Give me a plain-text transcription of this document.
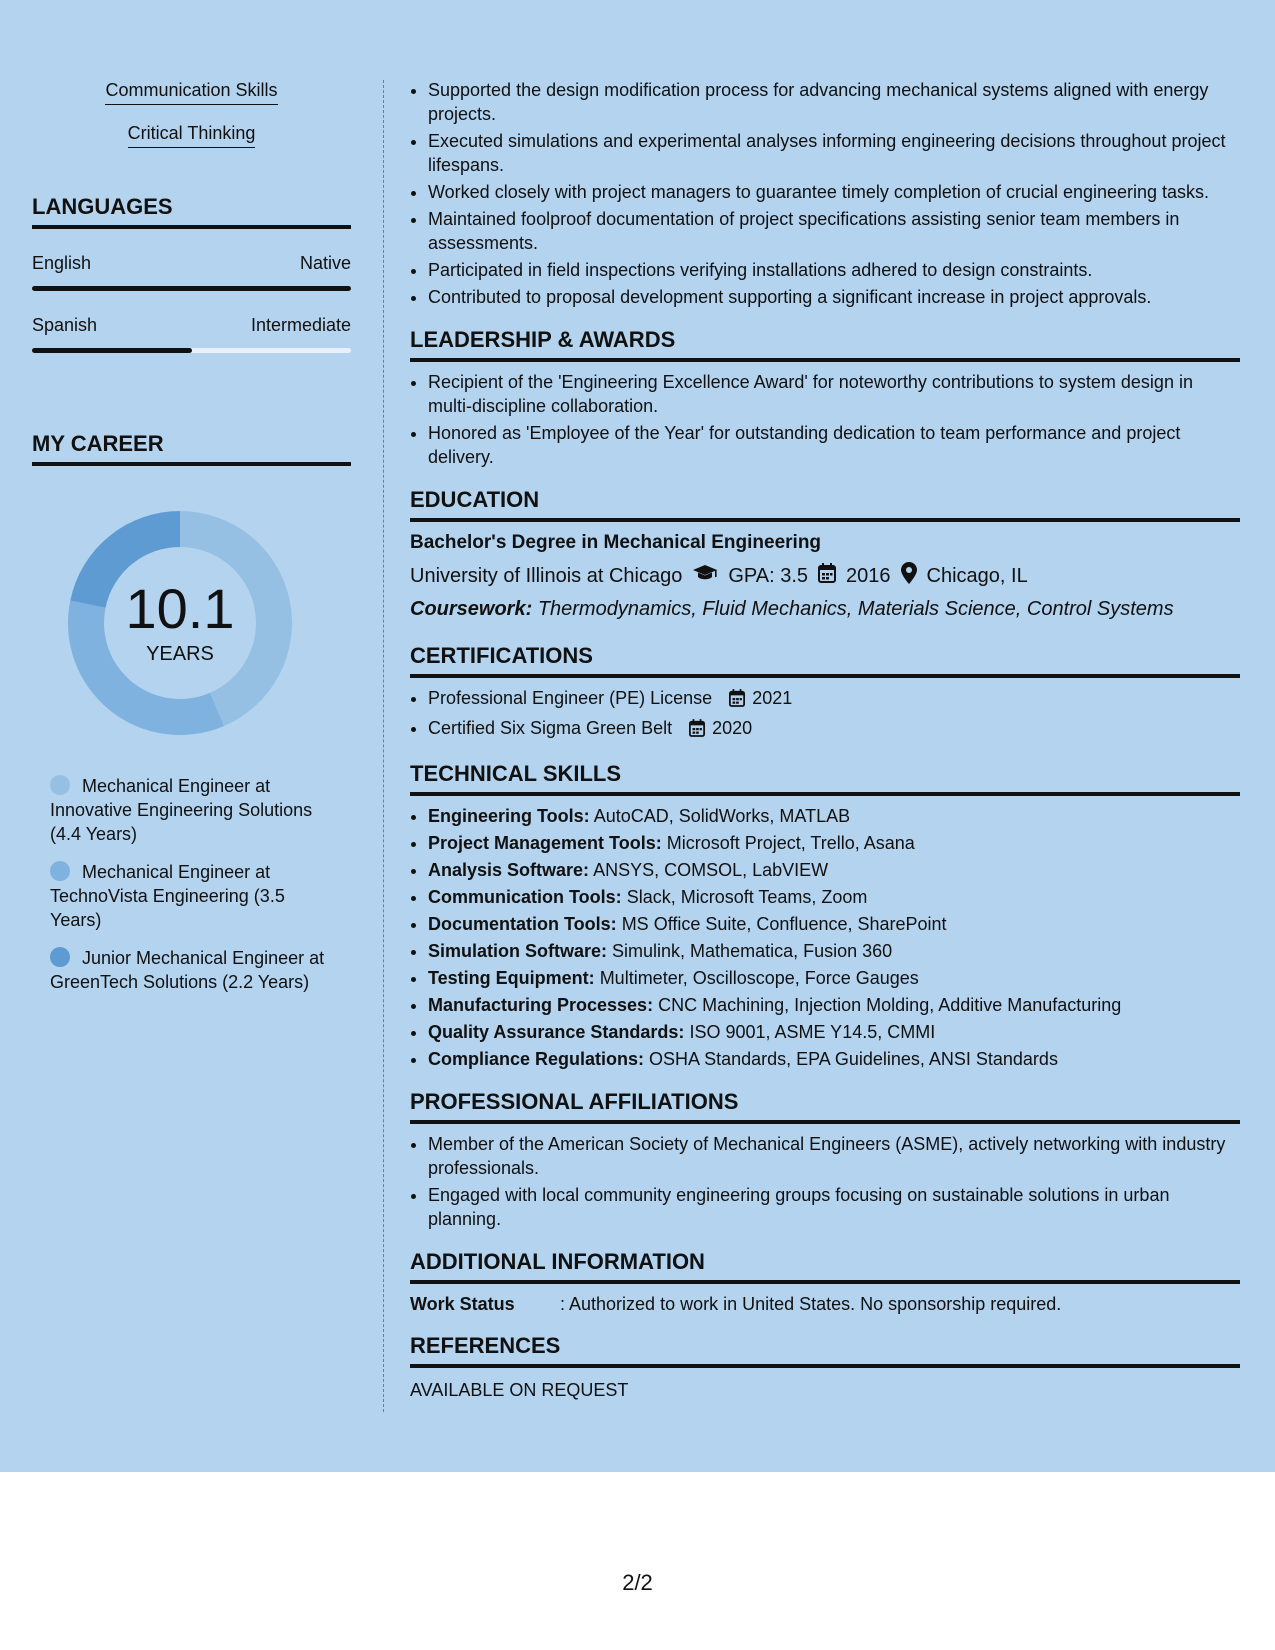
Communication Skills
Critical Thinking
LANGUAGES
English	Native
Spanish	Intermediate
MY CAREER
10.1
YEARS
Mechanical Engineer at Innovative Engineering Solutions (4.4 Years)
Mechanical Engineer at TechnoVista Engineering (3.5 Years)
Junior Mechanical Engineer at GreenTech Solutions (2.2 Years)
• Supported the design modification process for advancing mechanical systems aligned with energy projects.
• Executed simulations and experimental analyses informing engineering decisions throughout project lifespans.
• Worked closely with project managers to guarantee timely completion of crucial engineering tasks.
• Maintained foolproof documentation of project specifications assisting senior team members in assessments.
• Participated in field inspections verifying installations adhered to design constraints.
• Contributed to proposal development supporting a significant increase in project approvals.
LEADERSHIP & AWARDS
• Recipient of the 'Engineering Excellence Award' for noteworthy contributions to system design in multi-discipline collaboration.
• Honored as 'Employee of the Year' for outstanding dedication to team performance and project delivery.
EDUCATION
Bachelor's Degree in Mechanical Engineering
University of Illinois at Chicago GPA: 3.5 2016 Chicago, IL
Coursework: Thermodynamics, Fluid Mechanics, Materials Science, Control Systems
CERTIFICATIONS
• Professional Engineer (PE) License 2021
• Certified Six Sigma Green Belt 2020
TECHNICAL SKILLS
• Engineering Tools: AutoCAD, SolidWorks, MATLAB
• Project Management Tools: Microsoft Project, Trello, Asana
• Analysis Software: ANSYS, COMSOL, LabVIEW
• Communication Tools: Slack, Microsoft Teams, Zoom
• Documentation Tools: MS Office Suite, Confluence, SharePoint
• Simulation Software: Simulink, Mathematica, Fusion 360
• Testing Equipment: Multimeter, Oscilloscope, Force Gauges
• Manufacturing Processes: CNC Machining, Injection Molding, Additive Manufacturing
• Quality Assurance Standards: ISO 9001, ASME Y14.5, CMMI
• Compliance Regulations: OSHA Standards, EPA Guidelines, ANSI Standards
PROFESSIONAL AFFILIATIONS
• Member of the American Society of Mechanical Engineers (ASME), actively networking with industry professionals.
• Engaged with local community engineering groups focusing on sustainable solutions in urban planning.
ADDITIONAL INFORMATION
Work Status	: Authorized to work in United States. No sponsorship required.
REFERENCES
AVAILABLE ON REQUEST
2/2
